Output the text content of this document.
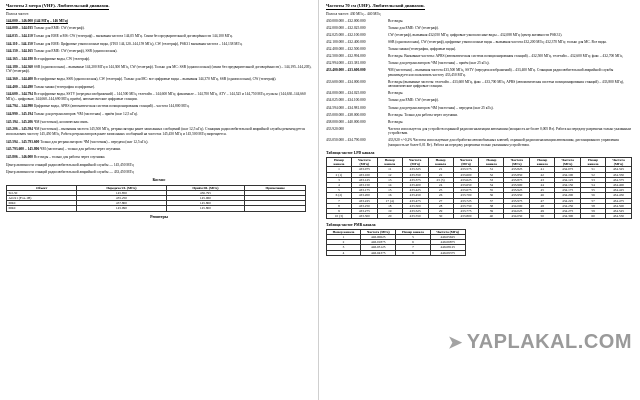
Частоты 2 метра (VHF). Любительский диапазон.
Полоса частот:
144.000 – 146.000 (144 МГц – 146 МГц)
144.000 – 144.035 Только для EME: CW (телеграф).
144.035 – 144.110 Только для EME и MS: CW (телеграф) – вызывная частота 144,05 МГц. Связи без предварительной договорённости 144,100 МГц.
144.110 – 144.150 Только для EME: Цифровые узкополосные виды, (JT65 144,120–144,159 МГц), CW (телеграф), PSK31 вызывная частота – 144,138 МГц.
144.150 – 144.165 Только для EME: CW (телеграф), SSB (однополосная).
144.165 – 144.180 Все цифровые виды, CW (телеграф).
144.180 – 144.360 SSB (однополосная) – вызывные 144,200 МГц и 144,300 МГц, CW (телеграф). Только для MC: SSB (однополосная) (связи без предварительной договорённости) – 144,195–144,205), CW (телеграф).
144.360 – 144.400 Все цифровые виды, SSB (однополосная), CW (телеграф). Только для MC: все цифровые виды – вызывная 144,370 МГц, SSB (однополосная), CW (телеграф).
144.400 – 144.490 Только маяки (телеграфия и цифровые).
144.600 – 144.794 Все цифровые виды, SSTV (передача изображений) – 144,500 МГц, телетайп – 144,600 МГц; факсимиле – 144,700 МГц, ATV – 144,525 и 144,750 МГц, пульсы: (144,630–144,660 МГц) – цифровые, 144,660–144,690 МГц, приём), автоматические цифровые станции.
144.794 – 144.990 Цифровые виды, APRS (автоматическая система позиционирования станций) – частота 144,800 МГц.
144.990 – 145.194 Только для ретрансляторов: ЧМ (частотная) – приём (шаг 12,5 кГц).
145.194 – 145.206 ЧМ (частотная), космическая связь.
145.206 – 145.594 ЧМ (частотная) – вызывная частота 145,500 МГц, ретрансляторы ранее записанных сообщений (шаг 12,5 кГц). Станциям радиолюбительской аварийной службы рекомендуется использовать частоту 145,450 МГц. Работа ретрансляторов ранее записанных сообщений на частотах 145,450 МГц и 145,500 МГц запрещается.
145.594 – 145.793.600 Только для ретрансляторов: ЧМ (частотная) – передача (шаг 12,5 кГц).
145.793.600 – 145.806 ЧМ (частотная) – только для работы через спутники.
145.806 – 146.000 Все виды – только для работы через спутники.
Центр активности станций радиолюбительской аварийной службы — 145,450 МГц
Центр активности станций радиолюбительской аварийной службы — 433,450 МГц
Космос
Объект	Передача UL (МГц)	Приём DL (МГц)	Примечание
SO-50	145.850	436.795	
AO-91 (Fox-1B)	435.250	145.960	
МКС	437.800	145.800	
МКС	145.990	145.800	
Репитеры
Частоты 70 см (UHF). Любительский диапазон.
Полоса частот: 430 МГц – 440 МГц
430.000.000 – 432.000.000	Все виды.
432.000.000 – 432.025.000	Только для EME: CW (телеграф).
432.025.000 – 432.100.000	CW (телеграф), вызывная 432,050 МГц; цифровые узкополосные виды – 432,088 МГц (центр активности PSK31).
432.100.000 – 432.400.000	SSB (однополосная), CW (телеграф), цифровые узкополосные виды – вызывная частота 432,200 МГц; 432,370 МГц: только для MC. Все виды.
432.400.000 – 432.500.000	Только маяки (телеграфия, цифровые виды).
432.500.000 – 432.994.000	Все виды. Вызывные частоты: APRS (автоматическая система позиционирования станций) – 432,500 МГц, телетайп – 432,600 МГц; факс – 432,700 МГц.
432.994.000 – 433.381.000	Только для ретрансляторов: ЧМ (частотная) – приём (шаг 25 кГц).
433.400.000 – 433.600.000	ЧМ (частотная) – вызывная частота 433,500 МГц, SSTV (передача изображений) – 433,400 МГц. Станциям радиолюбительской аварийной службы рекомендуется использовать частоту 433,450 МГц.
433.600.000 – 434.000.000	Все виды (вызывные частоты: телетайп – 433,600 МГц, факс – 433,700 МГц, APRS (автоматическая система позиционирования станций) – 433,800 МГц), автоматические цифровые станции.
434.000.000 – 434.025.000	Все виды.
434.025.000 – 434.100.000	Только для EME: CW (телеграф).
434.594.000 – 434.981.000	Только для ретрансляторов: ЧМ (частотная) – передача (шаг 25 кГц).
435.000.000 – 438.000.000	Все виды. Только для работы через спутники.
438.000.000 – 440.000.000	Все виды.
433.920.000	Частота используется для устройств охранной радиосигнализации автомашин (мощность не более 0,005 Вт). Работа на передачу разрешена только указанным устройствам.
433.050.000 – 434.790.000	433,920 +/-0,2% Частоты используемые для обработки автомобильных ключей, охранной радиосигнализации автомашин, дистанционного управления (мощность не более 0,01 Вт). Работа на передачу разрешена только указанным устройствам.
Таблица частот LPD канала
Номер канала	Частота (МГц)	Номер канала	Частота (МГц)	Номер канала	Частота (МГц)	Номер канала	Частота (МГц)	Номер канала	Частота (МГц)	Номер канала	Частота (МГц)
1	433.075	11	433.325	21	433.575	31	433.825	41	434.075	51	434.325
2 (1)	433.100	12	433.350	22	433.600	32	433.850	42	434.100	52	434.350
3	433.125	13	433.375	23 (5)	433.625	33	433.875	43	434.125	53	434.375
4	433.150	14	433.400	24	433.650	34	433.900	44	434.150	54	434.400
5	433.175	15	433.425	25	433.675	35	433.925	45	434.175	55	434.425
6 (2)	433.200	16	433.450	26	433.700	36	433.950	46	434.200	56	434.450
7	433.225	17 (4)	433.475	27	433.725	37	433.975	47	434.225	57	434.475
8	433.250	18	433.500	28	433.750	38	434.000	48	434.250	58	434.500
9	433.275	19	433.525	29	433.775	39	434.025	49	434.275	59	434.525
10 (3)	433.300	20	433.550	30	433.800	40	434.050	50	434.300	60	434.550
Таблица частот PMR канала
Номер канала	Частота (МГц)	Номер канала	Частота (МГц)
1	446.00625	5	446.05625
2	446.01875	6	446.06875
3	446.03125	7	446.08125
4	446.04375	8	446.09375
➤ YAPLAKAL.COM
